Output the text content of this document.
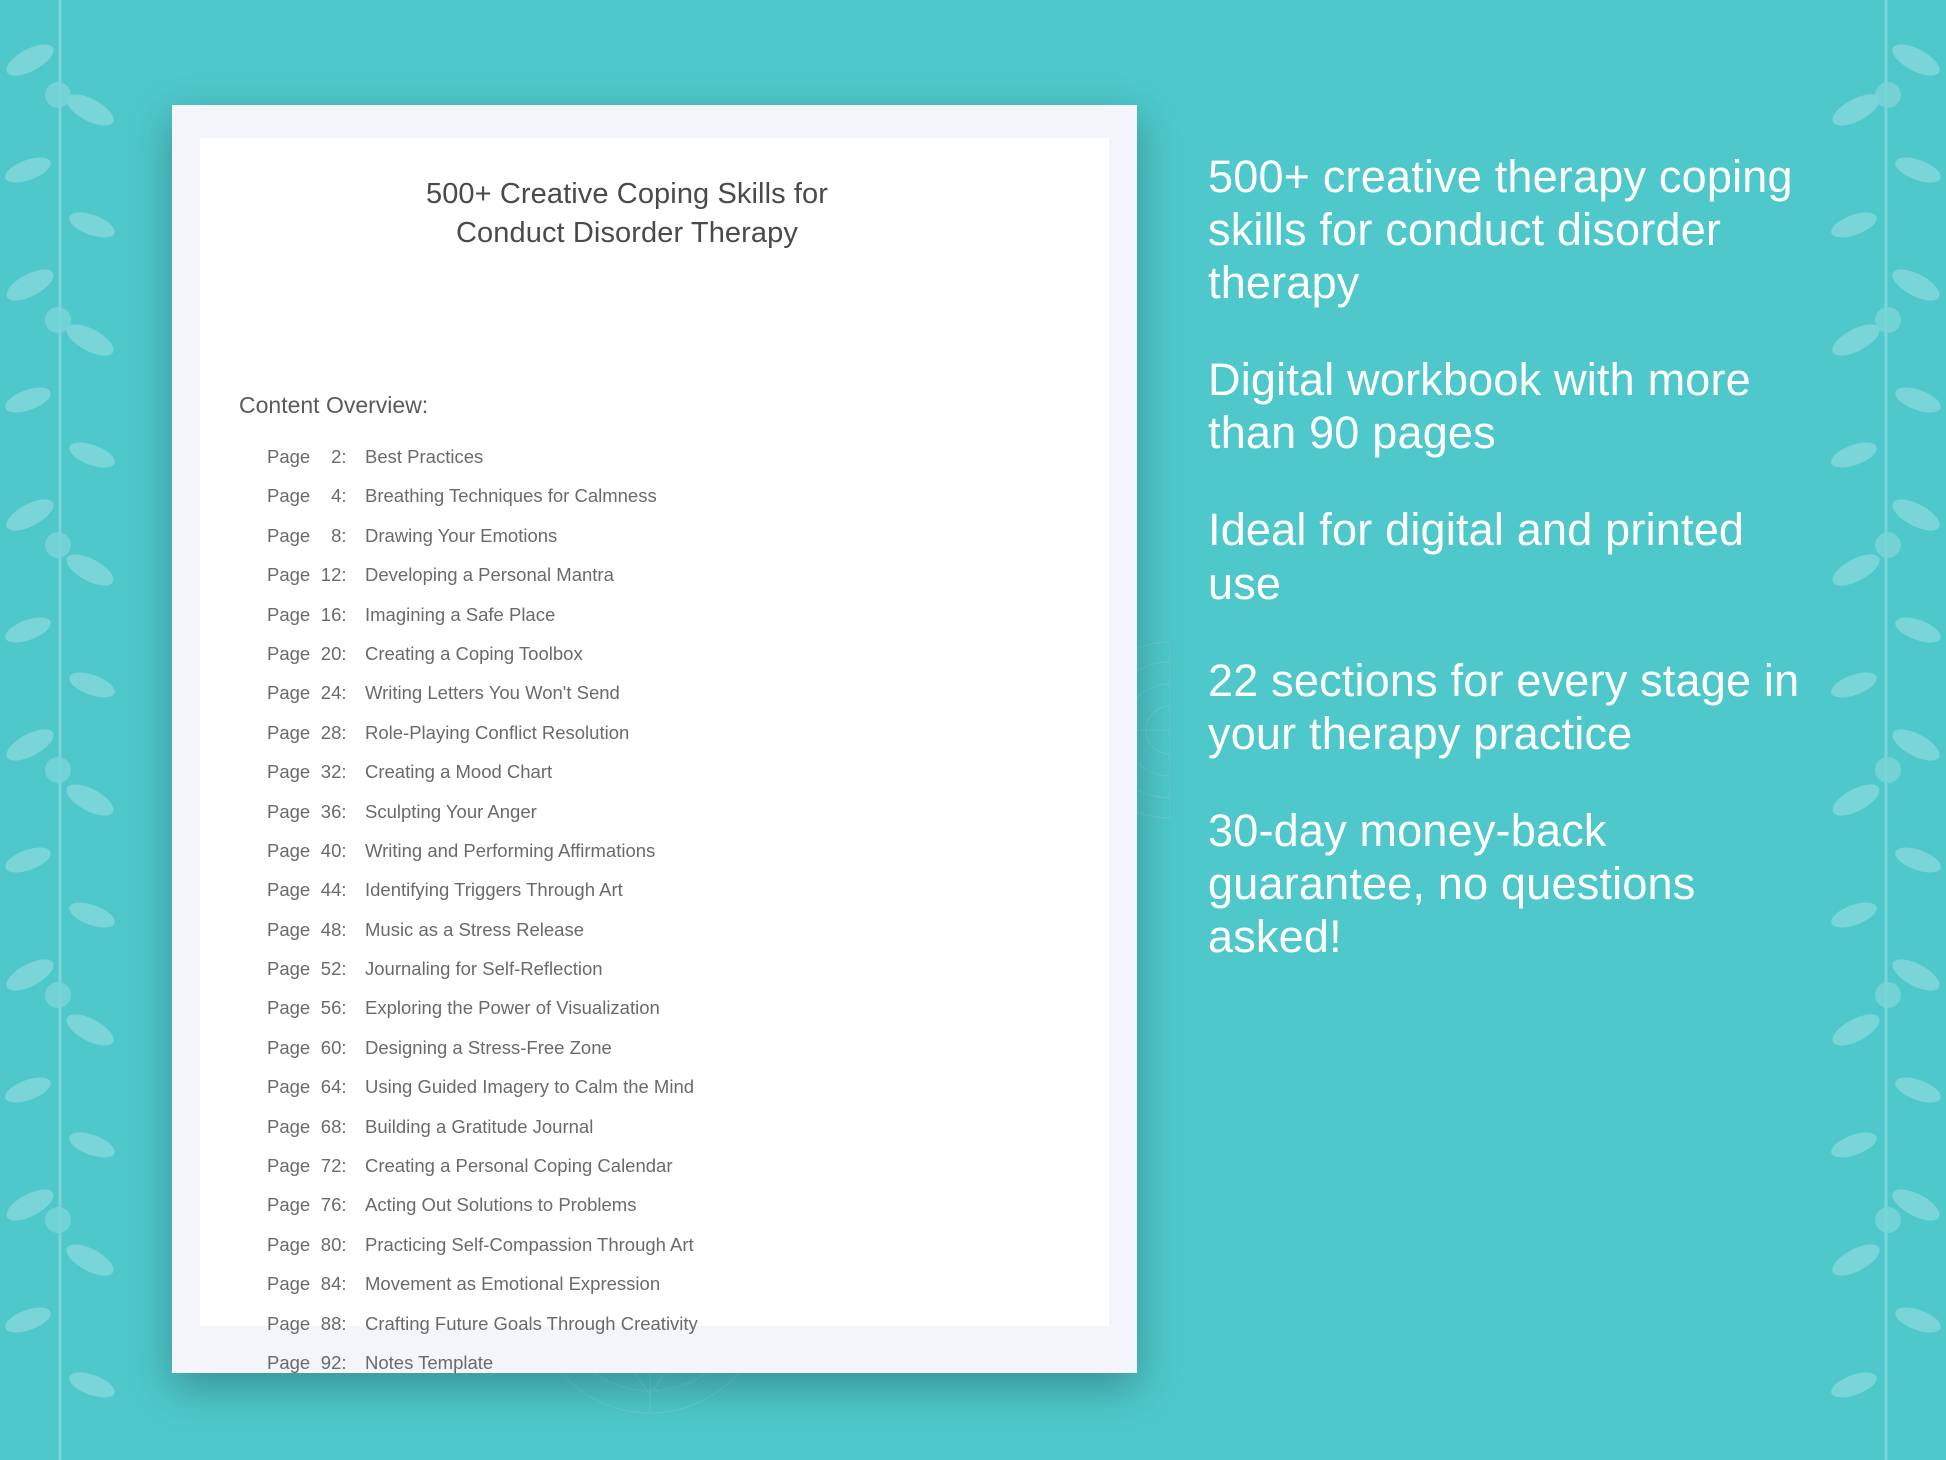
500+ Creative Coping Skills for
Conduct Disorder Therapy
Content Overview:
Page 2:	Best Practices
Page 4:	Breathing Techniques for Calmness
Page 8:	Drawing Your Emotions
Page 12:	Developing a Personal Mantra
Page 16:	Imagining a Safe Place
Page 20:	Creating a Coping Toolbox
Page 24:	Writing Letters You Won't Send
Page 28:	Role-Playing Conflict Resolution
Page 32:	Creating a Mood Chart
Page 36:	Sculpting Your Anger
Page 40:	Writing and Performing Affirmations
Page 44:	Identifying Triggers Through Art
Page 48:	Music as a Stress Release
Page 52:	Journaling for Self-Reflection
Page 56:	Exploring the Power of Visualization
Page 60:	Designing a Stress-Free Zone
Page 64:	Using Guided Imagery to Calm the Mind
Page 68:	Building a Gratitude Journal
Page 72:	Creating a Personal Coping Calendar
Page 76:	Acting Out Solutions to Problems
Page 80:	Practicing Self-Compassion Through Art
Page 84:	Movement as Emotional Expression
Page 88:	Crafting Future Goals Through Creativity
Page 92:	Notes Template
500+ creative therapy coping skills for conduct disorder therapy
Digital workbook with more than 90 pages
Ideal for digital and printed use
22 sections for every stage in your therapy practice
30-day money-back guarantee, no questions asked!
